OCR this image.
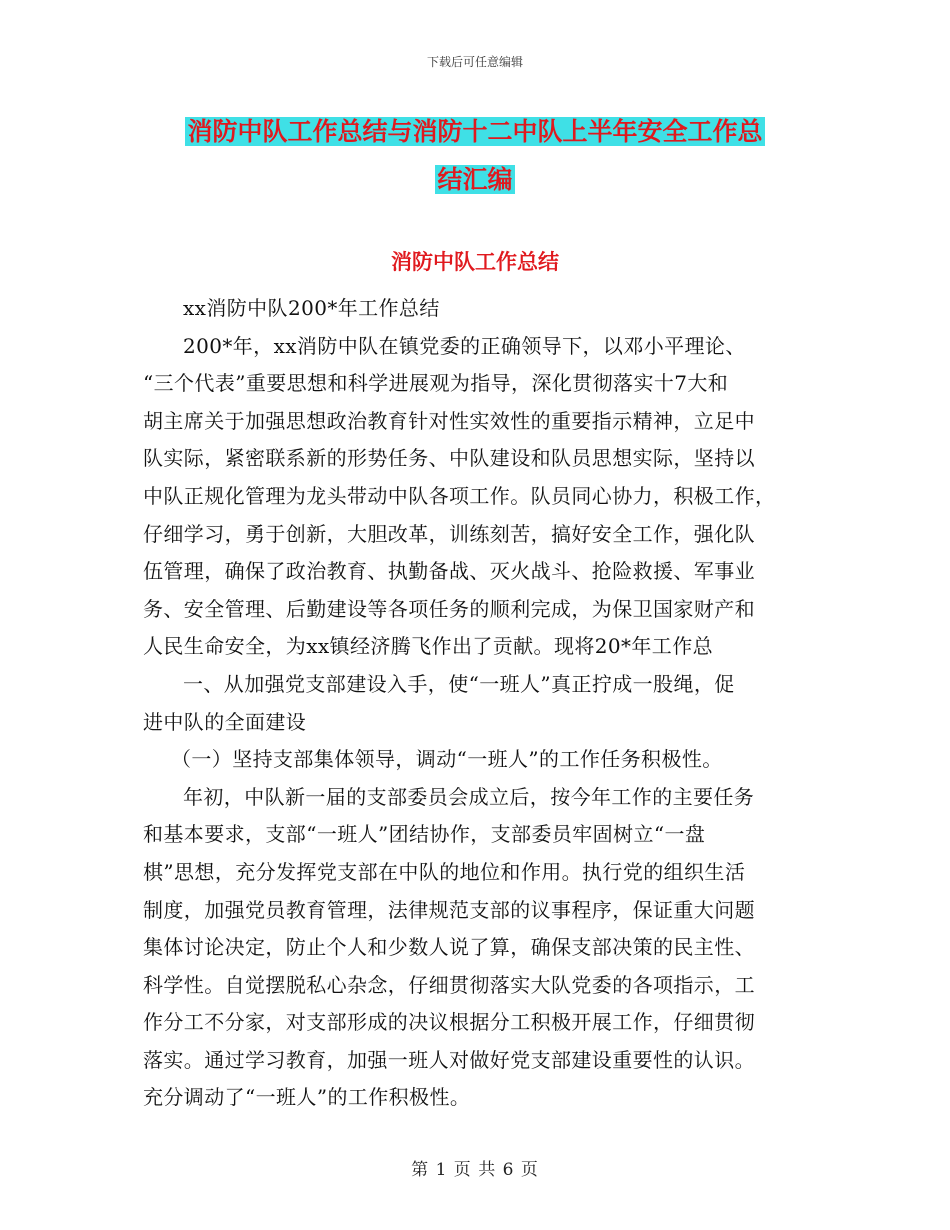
下载后可任意编辑
消防中队工作总结与消防十二中队上半年安全工作总
结汇编
消防中队工作总结
xx消防中队200*年工作总结
200*年，xx消防中队在镇党委的正确领导下，以邓小平理论、
“三个代表”重要思想和科学进展观为指导，深化贯彻落实十7大和
胡主席关于加强思想政治教育针对性实效性的重要指示精神，立足中
队实际，紧密联系新的形势任务、中队建设和队员思想实际，坚持以
中队正规化管理为龙头带动中队各项工作。队员同心协力，积极工作，
仔细学习，勇于创新，大胆改革，训练刻苦，搞好安全工作，强化队
伍管理，确保了政治教育、执勤备战、灭火战斗、抢险救援、军事业
务、安全管理、后勤建设等各项任务的顺利完成，为保卫国家财产和
人民生命安全，为xx镇经济腾飞作出了贡献。现将20*年工作总
一、从加强党支部建设入手，使“一班人”真正拧成一股绳，促
进中队的全面建设
（一）坚持支部集体领导，调动“一班人”的工作任务积极性。
年初，中队新一届的支部委员会成立后，按今年工作的主要任务
和基本要求，支部“一班人”团结协作，支部委员牢固树立“一盘
棋”思想，充分发挥党支部在中队的地位和作用。执行党的组织生活
制度，加强党员教育管理，法律规范支部的议事程序，保证重大问题
集体讨论决定，防止个人和少数人说了算，确保支部决策的民主性、
科学性。自觉摆脱私心杂念，仔细贯彻落实大队党委的各项指示，工
作分工不分家，对支部形成的决议根据分工积极开展工作，仔细贯彻
落实。通过学习教育，加强一班人对做好党支部建设重要性的认识。
充分调动了“一班人”的工作积极性。
第 1 页 共 6 页
